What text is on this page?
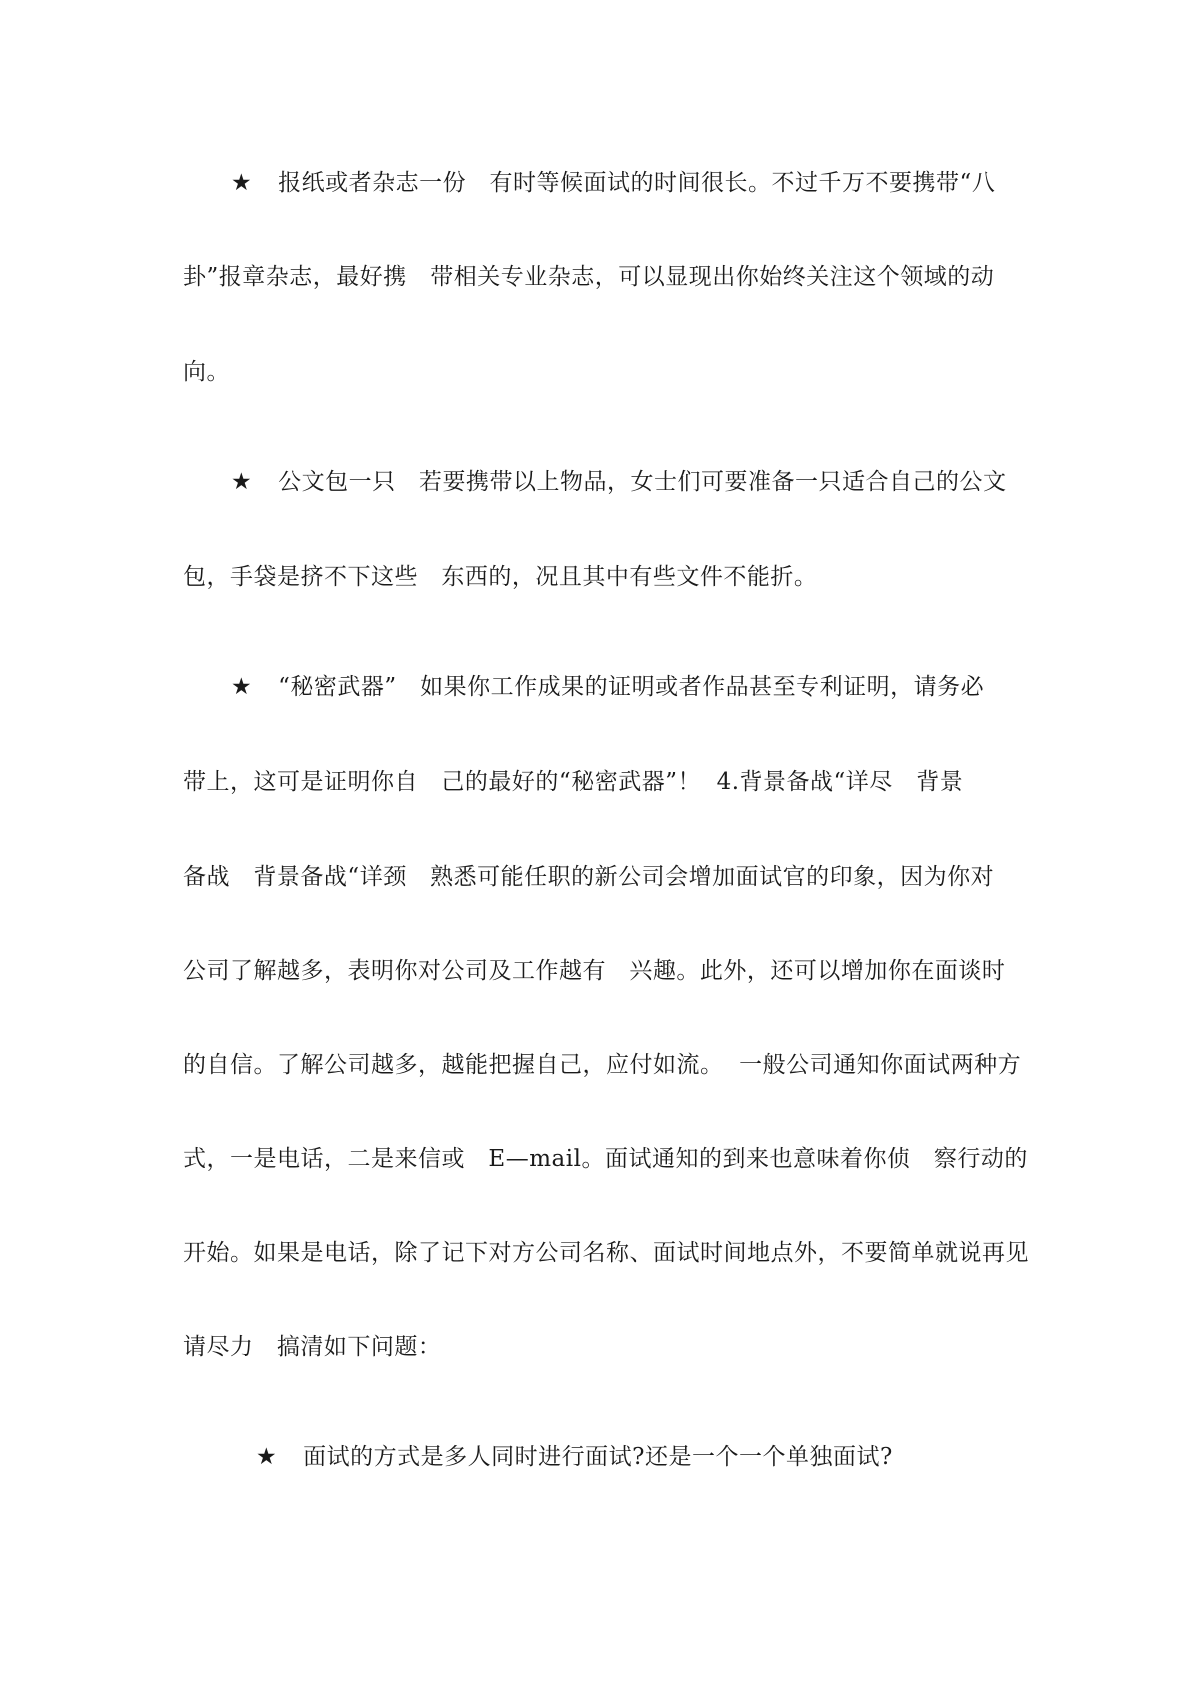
★ 报纸或者杂志一份   有时等候面试的时间很长。不过千万不要携带“八
卦”报章杂志，最好携   带相关专业杂志，可以显现出你始终关注这个领域的动
向。
★ 公文包一只   若要携带以上物品，女士们可要准备一只适合自己的公文
包，手袋是挤不下这些   东西的，况且其中有些文件不能折。
★ “秘密武器”   如果你工作成果的证明或者作品甚至专利证明，请务必
带上，这可是证明你自   己的最好的“秘密武器”！  4.背景备战“详尽   背景
备战   背景备战“详颈   熟悉可能任职的新公司会增加面试官的印象，因为你对
公司了解越多，表明你对公司及工作越有   兴趣。此外，还可以增加你在面谈时
的自信。了解公司越多，越能把握自己，应付如流。  一般公司通知你面试两种方
式，一是电话，二是来信或   E—mail。面试通知的到来也意味着你侦   察行动的
开始。如果是电话，除了记下对方公司名称、面试时间地点外，不要简单就说再见
请尽力   搞清如下问题：
★ 面试的方式是多人同时进行面试?还是一个一个单独面试?
